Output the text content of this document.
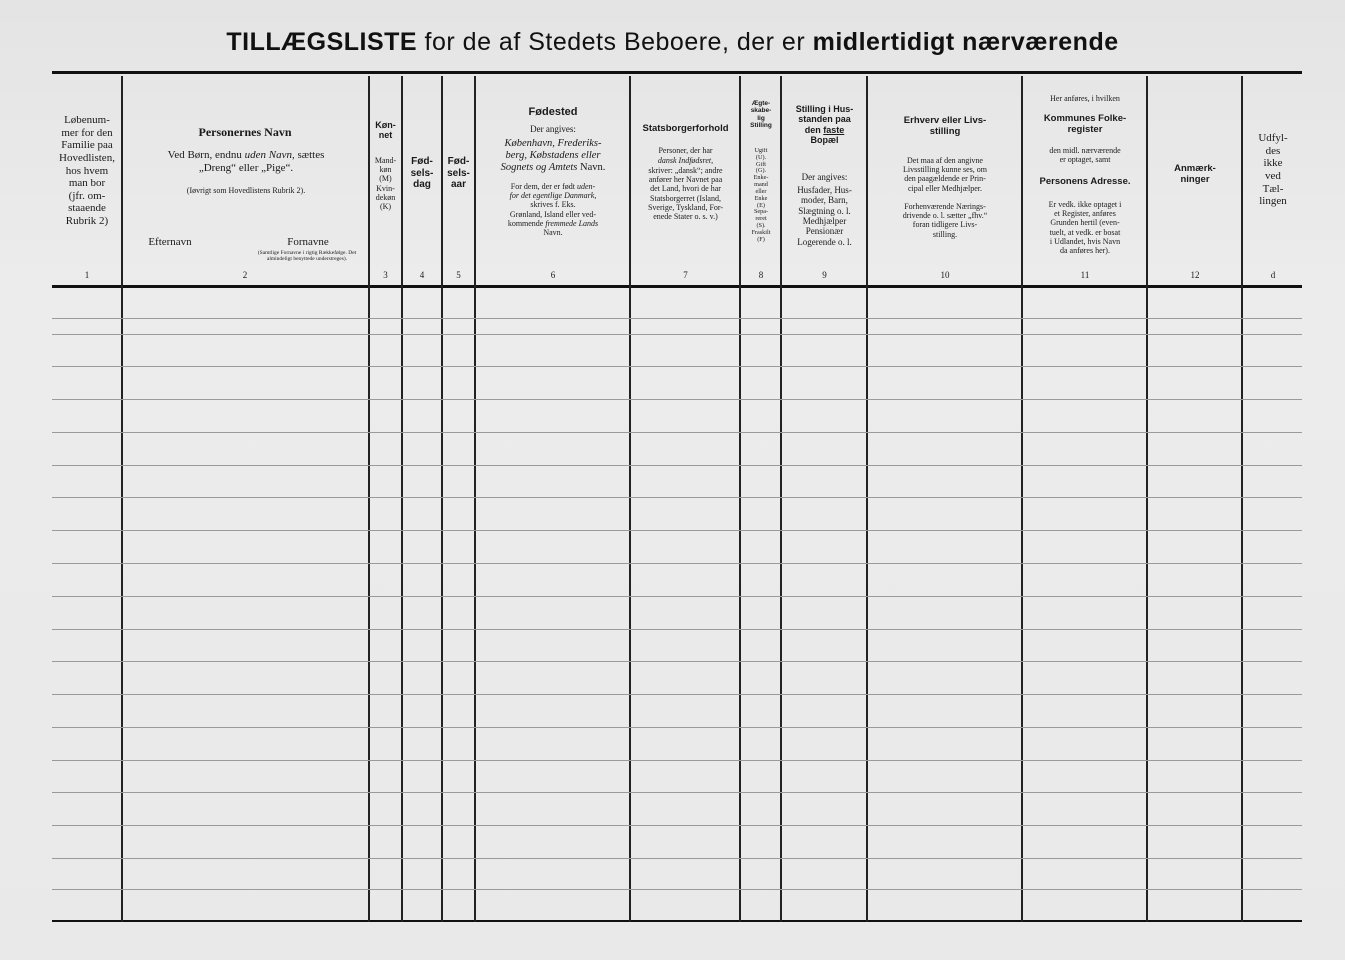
TILLÆGSLISTE for de af Stedets Beboere, der er midlertidigt nærværende
Løbenum-
mer for den
Familie paa
Hovedlisten,
hos hvem
man bor
(jfr. om-
staaende
Rubrik 2)
1
Personernes Navn
Ved Børn, endnu uden Navn, sættes
„Dreng“ eller „Pige“.
(Iøvrigt som Hovedlistens Rubrik 2).
Efternavn	Fornavne
(Samtlige Fornavne i rigtig Rækkefølge. Det almindeligt benyttede understreges).
2
Køn-
net
Mand-
køn
(M)
Kvin-
dekøn
(K)
3
Fød-
sels-
dag
4
Fød-
sels-
aar
5
Fødested
Der angives:
København, Frederiks-
berg, Købstadens eller
Sognets og Amtets Navn.
For dem, der er født uden-
for det egentlige Danmark,
skrives f. Eks.
Grønland, Island eller ved-
kommende fremmede Lands
Navn.
6
Statsborgerforhold
Personer, der har
dansk Indfødsret,
skriver: „dansk“; andre
anfører her Navnet paa
det Land, hvori de har
Statsborgerret (Island,
Sverige, Tyskland, For-
enede Stater o. s. v.)
7
Ægte-
skabe-
lig
Stilling
Ugift
(U).
Gift
(G).
Enke-
mand
eller
Enke
(E)
Sepa-
reret
(S).
Fraskilt
(F)
8
Stilling i Hus-
standen paa
den faste
Bopæl
Der angives:
Husfader, Hus-
moder, Barn,
Slægtning o. l.
Medhjælper
Pensionær
Logerende o. l.
9
Erhverv eller Livs-
stilling
Det maa af den angivne
Livsstilling kunne ses, om
den paagældende er Prin-
cipal eller Medhjælper.
Forhenværende Nærings-
drivende o. l. sætter „fhv.“
foran tidligere Livs-
stilling.
10
Her anføres, i hvilken
Kommunes Folke-
register
den midl. nærværende
er optaget, samt
Personens Adresse.
Er vedk. ikke optaget i
et Register, anføres
Grunden hertil (even-
tuelt, at vedk. er bosat
i Udlandet, hvis Navn
da anføres her).
11
Anmærk-
ninger
12
Udfyl-
des
ikke
ved
Tæl-
lingen
d
